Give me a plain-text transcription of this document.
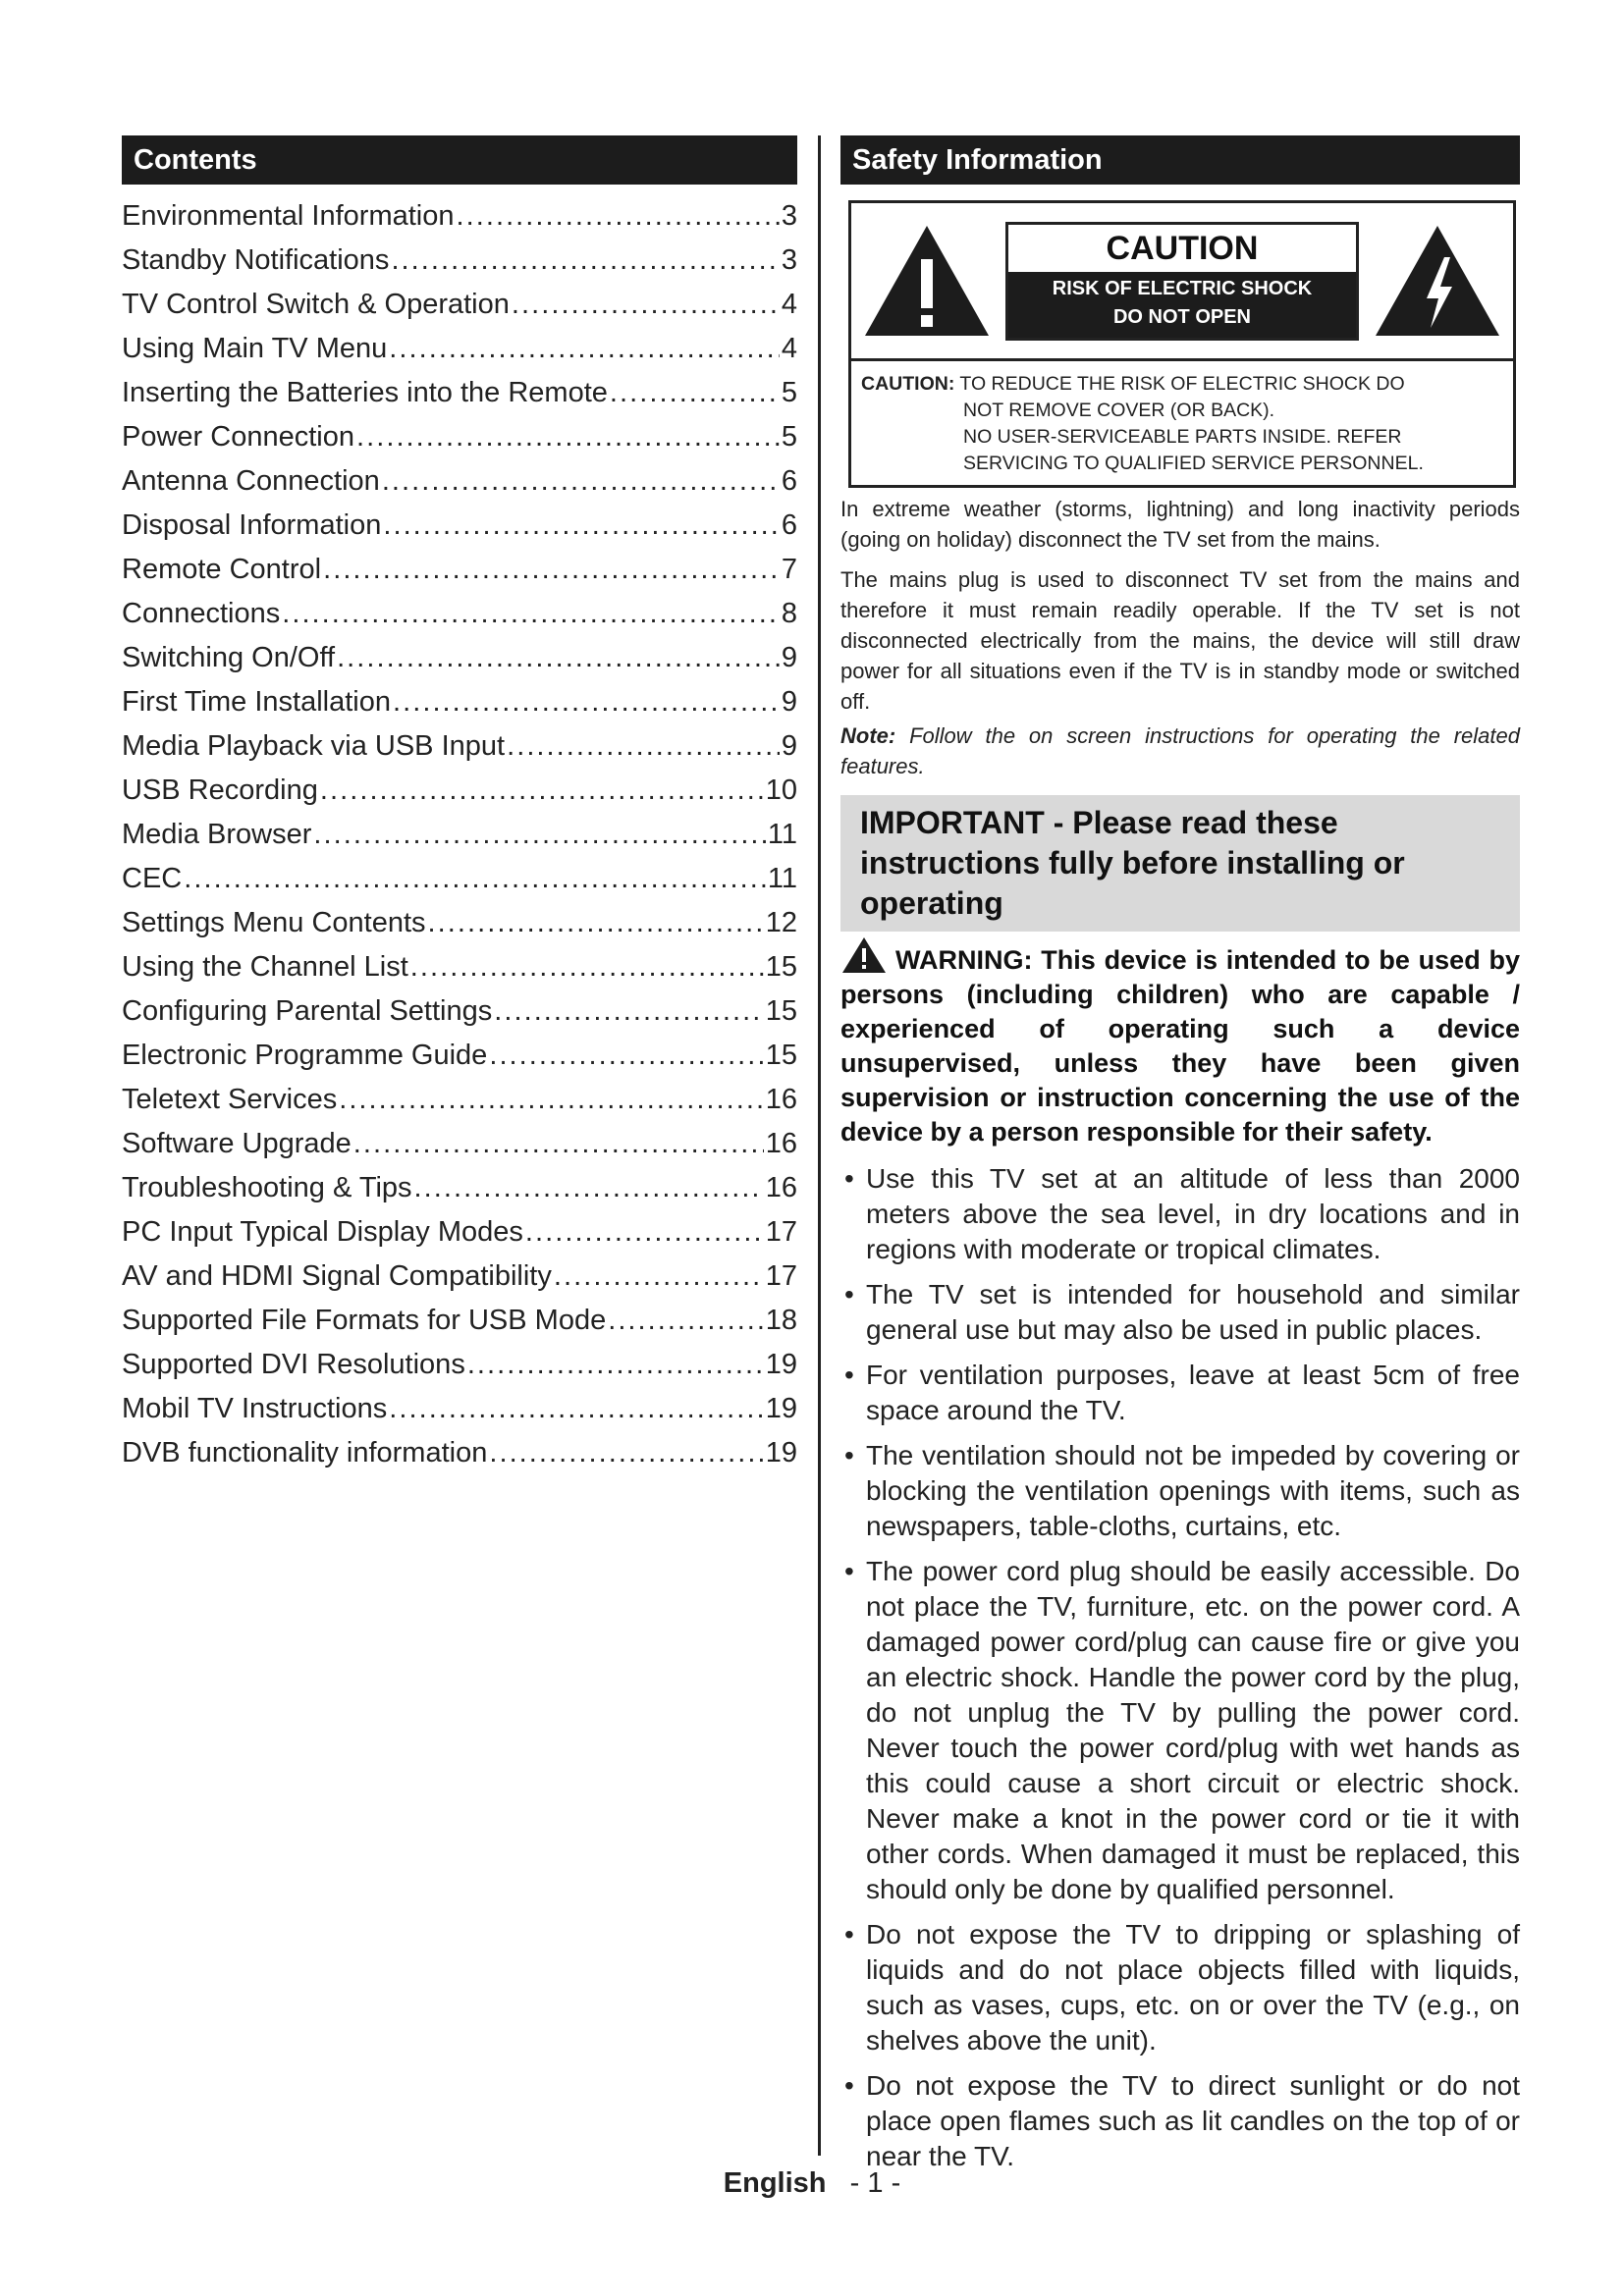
Contents
Environmental Information . . .	3
Standby Notifications . . .	3
TV Control Switch & Operation . . .	4
Using Main TV Menu . . .	4
Inserting the Batteries into the Remote . . .	5
Power Connection . . .	5
Antenna Connection . . .	6
Disposal Information . . .	6
Remote Control . . .	7
Connections . . .	8
Switching On/Off . . .	9
First Time Installation . . .	9
Media Playback via USB Input . . .	9
USB Recording . . .	10
Media Browser . . .	11
CEC . . .	11
Settings Menu Contents . . .	12
Using the Channel List . . .	15
Configuring Parental Settings . . .	15
Electronic Programme Guide . . .	15
Teletext Services . . .	16
Software Upgrade . . .	16
Troubleshooting & Tips . . .	16
PC Input Typical Display Modes . . .	17
AV and HDMI Signal Compatibility . . .	17
Supported File Formats for USB Mode . . .	18
Supported DVI Resolutions . . .	19
Mobil TV Instructions . . .	19
DVB functionality information . . .	19
Safety Information
CAUTION
RISK OF ELECTRIC SHOCK
DO NOT OPEN
CAUTION: TO REDUCE THE RISK OF ELECTRIC SHOCK DO
NOT REMOVE COVER (OR BACK).
NO USER-SERVICEABLE PARTS INSIDE. REFER
SERVICING TO QUALIFIED SERVICE PERSONNEL.

In extreme weather (storms, lightning) and long inactivity periods (going on holiday) disconnect the TV set from the mains.

The mains plug is used to disconnect TV set from the mains and therefore it must remain readily operable. If the TV set is not disconnected electrically from the mains, the device will still draw power for all situations even if the TV is in standby mode or switched off.

Note: Follow the on screen instructions for operating the related features.

IMPORTANT - Please read these instructions fully before installing or operating
WARNING: This device is intended to be used by persons (including children) who are capable / experienced of operating such a device unsupervised, unless they have been given supervision or instruction concerning the use of the device by a person responsible for their safety.
• Use this TV set at an altitude of less than 2000 meters above the sea level, in dry locations and in regions with moderate or tropical climates.
• The TV set is intended for household and similar general use but may also be used in public places.
• For ventilation purposes, leave at least 5cm of free space around the TV.
• The ventilation should not be impeded by covering or blocking the ventilation openings with items, such as newspapers, table-cloths, curtains, etc.
• The power cord plug should be easily accessible. Do not place the TV, furniture, etc. on the power cord. A damaged power cord/plug can cause fire or give you an electric shock. Handle the power cord by the plug, do not unplug the TV by pulling the power cord. Never touch the power cord/plug with wet hands as this could cause a short circuit or electric shock. Never make a knot in the power cord or tie it with other cords. When damaged it must be replaced, this should only be done by qualified personnel.
• Do not expose the TV to dripping or splashing of liquids and do not place objects filled with liquids, such as vases, cups, etc. on or over the TV (e.g., on shelves above the unit).
• Do not expose the TV to direct sunlight or do not place open flames such as lit candles on the top of or near the TV.
English - 1 -
